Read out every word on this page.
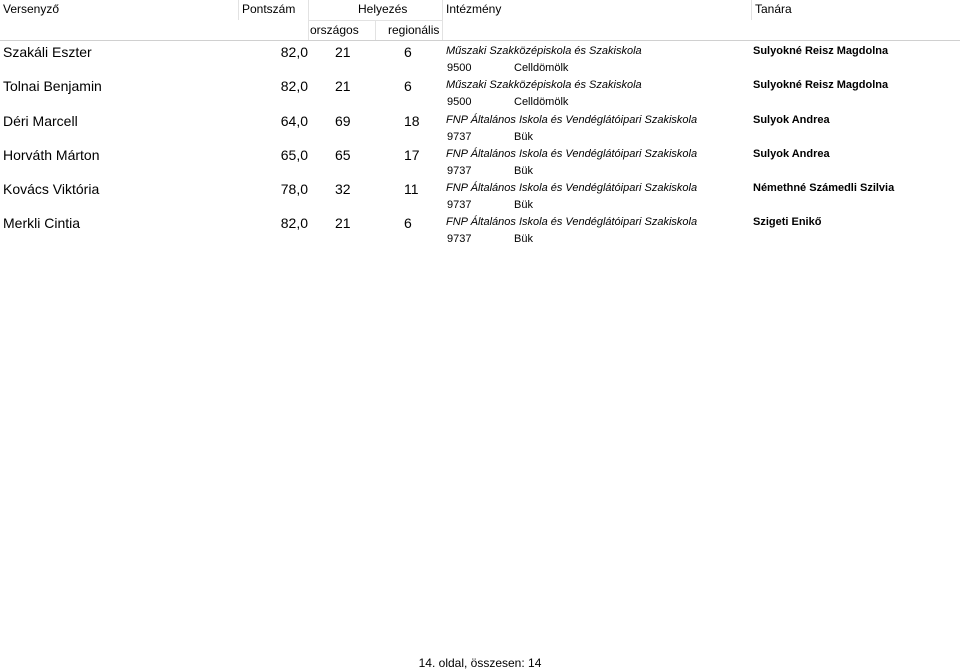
Versenyző	Pontszám	Helyezés	Intézmény	Tanára
országos regionális
Szakáli Eszter	82,0 21	6	Műszaki Szakközépiskola és Szakiskola
9500	Celldömölk
Sulyokné Reisz Magdolna
Tolnai Benjamin	82,0 21	6	Műszaki Szakközépiskola és Szakiskola
9500	Celldömölk
Sulyokné Reisz Magdolna
Déri Marcell	64,0 69	18 FNP Általános Iskola és Vendéglátóipari Szakiskola
9737	Bük
Sulyok Andrea
Horváth Márton	65,0 65	17 FNP Általános Iskola és Vendéglátóipari Szakiskola
9737	Bük
Sulyok Andrea
Kovács Viktória	78,0 32	11 FNP Általános Iskola és Vendéglátóipari Szakiskola
9737	Bük
Némethné Számedli Szilvia
Merkli Cintia	82,0 21	6	FNP Általános Iskola és Vendéglátóipari Szakiskola
9737	Bük
Szigeti Enikő
14. oldal, összesen: 14
